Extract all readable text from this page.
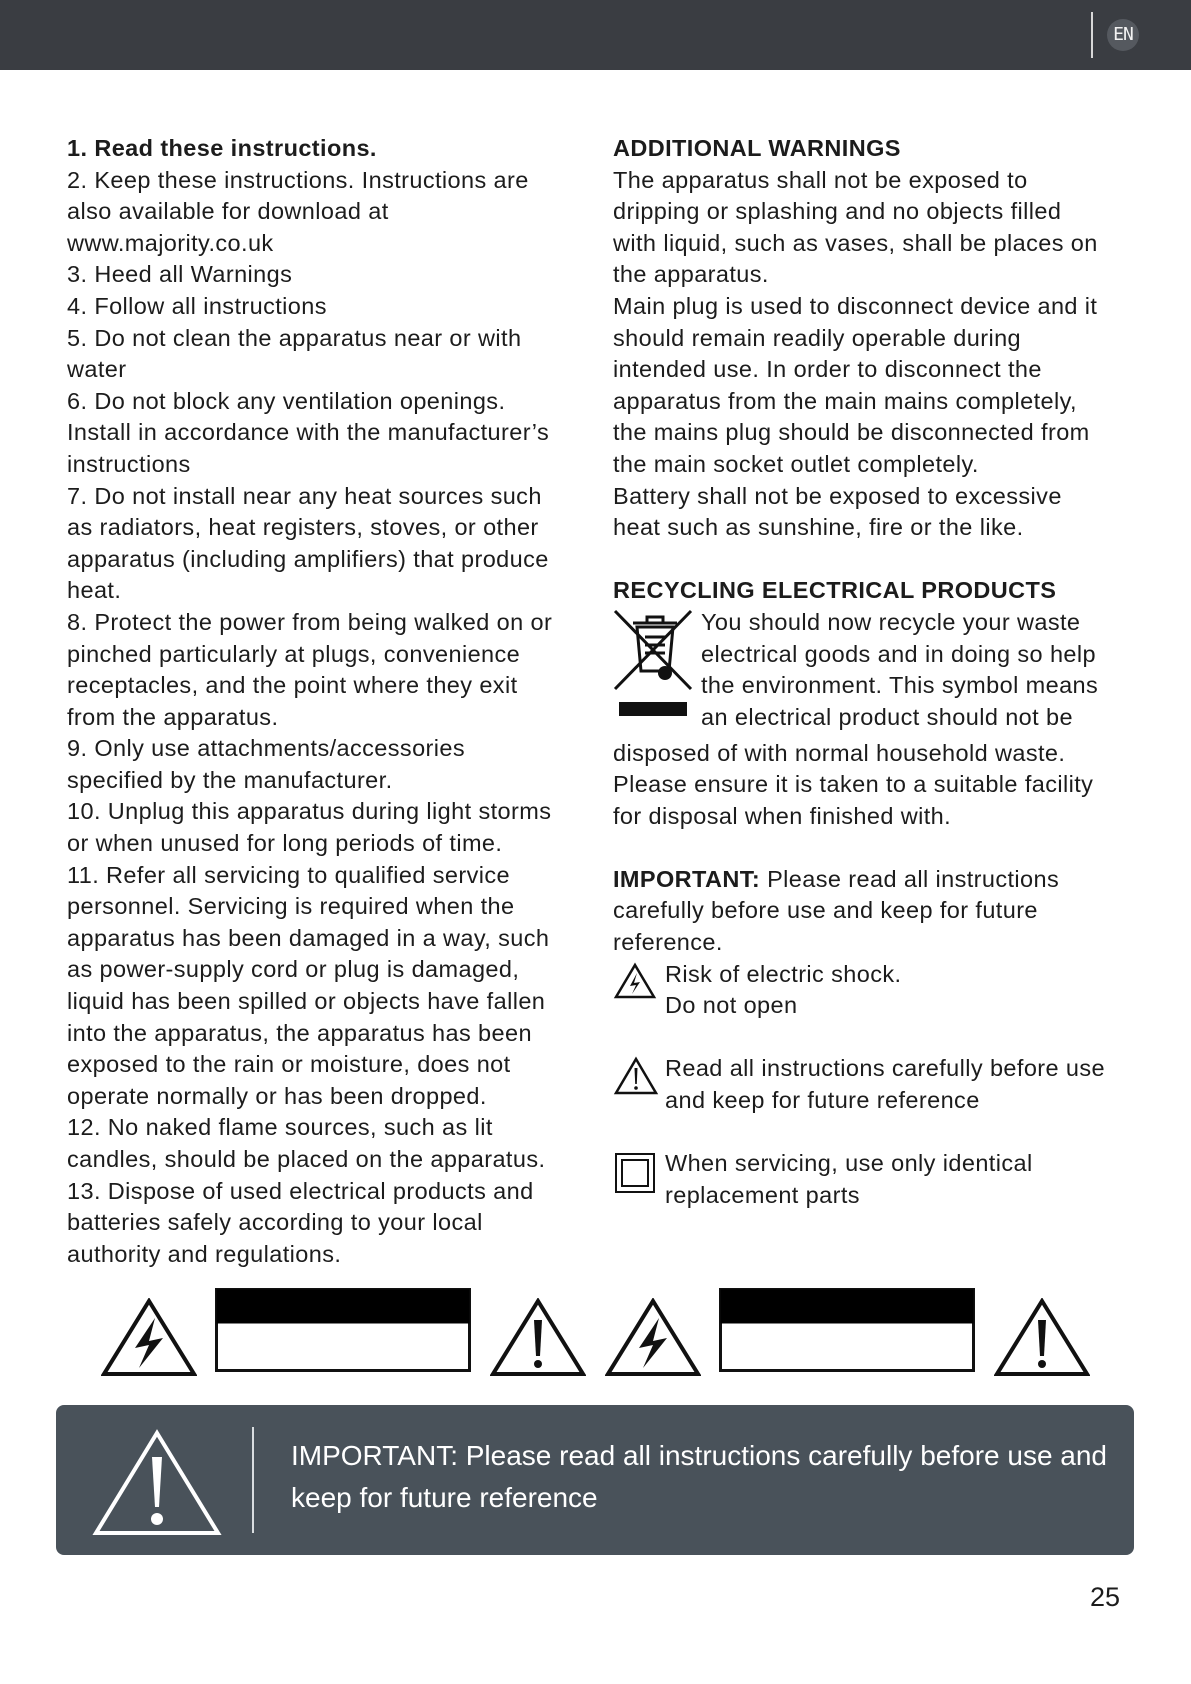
EN
1. Read these instructions.
2. Keep these instructions. Instructions are
also available for download at
www.majority.co.uk
3. Heed all Warnings
4. Follow all instructions
5. Do not clean the apparatus near or with
water
6. Do not block any ventilation openings.
Install in accordance with the manufacturer’s
instructions
7. Do not install near any heat sources such
as radiators, heat registers, stoves, or other
apparatus (including amplifiers) that produce
heat.
8. Protect the power from being walked on or
pinched particularly at plugs, convenience
receptacles, and the point where they exit
from the apparatus.
9. Only use attachments/accessories
specified by the manufacturer.
10. Unplug this apparatus during light storms
or when unused for long periods of time.
11. Refer all servicing to qualified service
personnel. Servicing is required when the
apparatus has been damaged in a way, such
as power-supply cord or plug is damaged,
liquid has been spilled or objects have fallen
into the apparatus, the apparatus has been
exposed to the rain or moisture, does not
operate normally or has been dropped.
12. No naked flame sources, such as lit
candles, should be placed on the apparatus.
13. Dispose of used electrical products and
batteries safely according to your local
authority and regulations.
ADDITIONAL WARNINGS
The apparatus shall not be exposed to
dripping or splashing and no objects filled
with liquid, such as vases, shall be places on
the apparatus.
Main plug is used to disconnect device and it
should remain readily operable during
intended use. In order to disconnect the
apparatus from the main mains completely,
the mains plug should be disconnected from
the main socket outlet completely.
Battery shall not be exposed to excessive
heat such as sunshine, fire or the like.
RECYCLING ELECTRICAL PRODUCTS
You should now recycle your waste
electrical goods and in doing so help
the environment. This symbol means
an electrical product should not be
disposed of with normal household waste.
Please ensure it is taken to a suitable facility
for disposal when finished with.
IMPORTANT: Please read all instructions
carefully before use and keep for future
reference.
Risk of electric shock.
Do not open
Read all instructions carefully before use
and keep for future reference
When servicing, use only identical
replacement parts
IMPORTANT: Please read all instructions carefully before use and
keep for future reference
25
